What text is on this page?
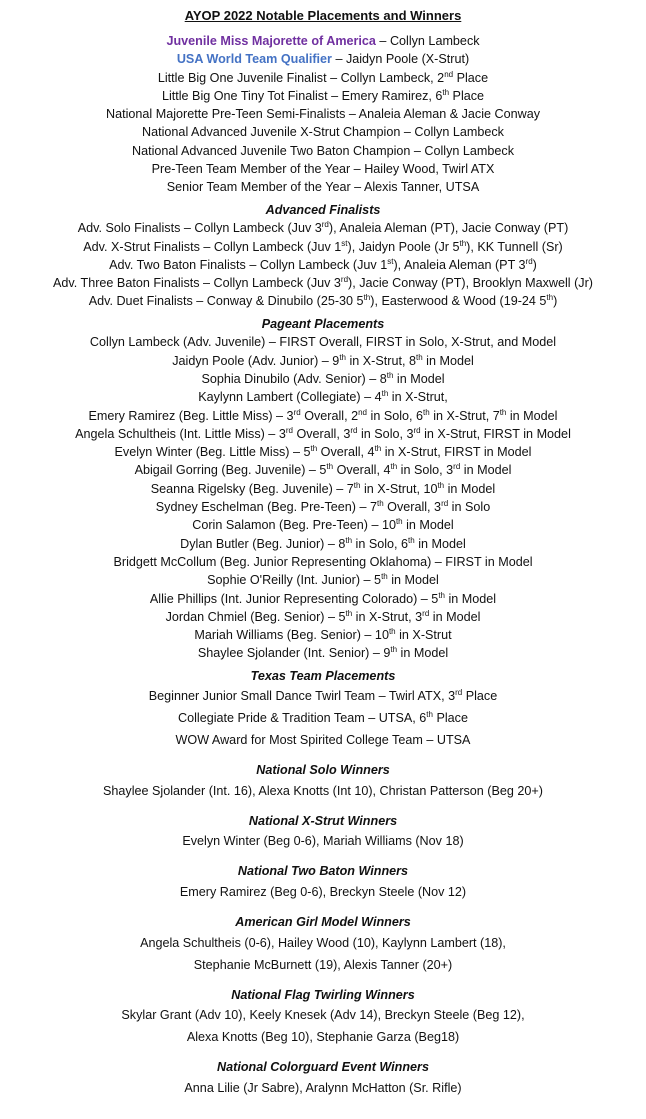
AYOP 2022 Notable Placements and Winners
Juvenile Miss Majorette of America – Collyn Lambeck
USA World Team Qualifier – Jaidyn Poole (X-Strut)
Little Big One Juvenile Finalist – Collyn Lambeck, 2nd Place
Little Big One Tiny Tot Finalist – Emery Ramirez, 6th Place
National Majorette Pre-Teen Semi-Finalists – Analeia Aleman & Jacie Conway
National Advanced Juvenile X-Strut Champion – Collyn Lambeck
National Advanced Juvenile Two Baton Champion – Collyn Lambeck
Pre-Teen Team Member of the Year – Hailey Wood, Twirl ATX
Senior Team Member of the Year – Alexis Tanner, UTSA
Advanced Finalists
Adv. Solo Finalists – Collyn Lambeck (Juv 3rd), Analeia Aleman (PT), Jacie Conway (PT)
Adv. X-Strut Finalists – Collyn Lambeck (Juv 1st), Jaidyn Poole (Jr 5th), KK Tunnell (Sr)
Adv. Two Baton Finalists – Collyn Lambeck (Juv 1st), Analeia Aleman (PT 3rd)
Adv. Three Baton Finalists – Collyn Lambeck (Juv 3rd), Jacie Conway (PT), Brooklyn Maxwell (Jr)
Adv. Duet Finalists – Conway & Dinubilo (25-30 5th), Easterwood & Wood (19-24 5th)
Pageant Placements
Collyn Lambeck (Adv. Juvenile) – FIRST Overall, FIRST in Solo, X-Strut, and Model
Jaidyn Poole (Adv. Junior) – 9th in X-Strut, 8th in Model
Sophia Dinubilo (Adv. Senior) – 8th in Model
Kaylynn Lambert (Collegiate) – 4th in X-Strut,
Emery Ramirez (Beg. Little Miss) – 3rd Overall, 2nd in Solo, 6th in X-Strut, 7th in Model
Angela Schultheis (Int. Little Miss) – 3rd Overall, 3rd in Solo, 3rd in X-Strut, FIRST in Model
Evelyn Winter (Beg. Little Miss) – 5th Overall, 4th in X-Strut, FIRST in Model
Abigail Gorring (Beg. Juvenile) – 5th Overall, 4th in Solo, 3rd in Model
Seanna Rigelsky (Beg. Juvenile) – 7th in X-Strut, 10th in Model
Sydney Eschelman (Beg. Pre-Teen) – 7th Overall, 3rd in Solo
Corin Salamon (Beg. Pre-Teen) – 10th in Model
Dylan Butler (Beg. Junior) – 8th in Solo, 6th in Model
Bridgett McCollum (Beg. Junior Representing Oklahoma) – FIRST in Model
Sophie O'Reilly (Int. Junior) – 5th in Model
Allie Phillips (Int. Junior Representing Colorado) – 5th in Model
Jordan Chmiel (Beg. Senior) – 5th in X-Strut, 3rd in Model
Mariah Williams (Beg. Senior) – 10th in X-Strut
Shaylee Sjolander (Int. Senior) – 9th in Model
Texas Team Placements
Beginner Junior Small Dance Twirl Team – Twirl ATX, 3rd Place
Collegiate Pride & Tradition Team – UTSA, 6th Place
WOW Award for Most Spirited College Team – UTSA
National Solo Winners
Shaylee Sjolander (Int. 16), Alexa Knotts (Int 10), Christan Patterson (Beg 20+)
National X-Strut Winners
Evelyn Winter (Beg 0-6), Mariah Williams (Nov 18)
National Two Baton Winners
Emery Ramirez (Beg 0-6), Breckyn Steele (Nov 12)
American Girl Model Winners
Angela Schultheis (0-6), Hailey Wood (10), Kaylynn Lambert (18),
Stephanie McBurnett (19), Alexis Tanner (20+)
National Flag Twirling Winners
Skylar Grant (Adv 10), Keely Knesek (Adv 14), Breckyn Steele (Beg 12),
Alexa Knotts (Beg 10), Stephanie Garza (Beg18)
National Colorguard Event Winners
Anna Lilie (Jr Sabre), Aralynn McHatton (Sr. Rifle)
